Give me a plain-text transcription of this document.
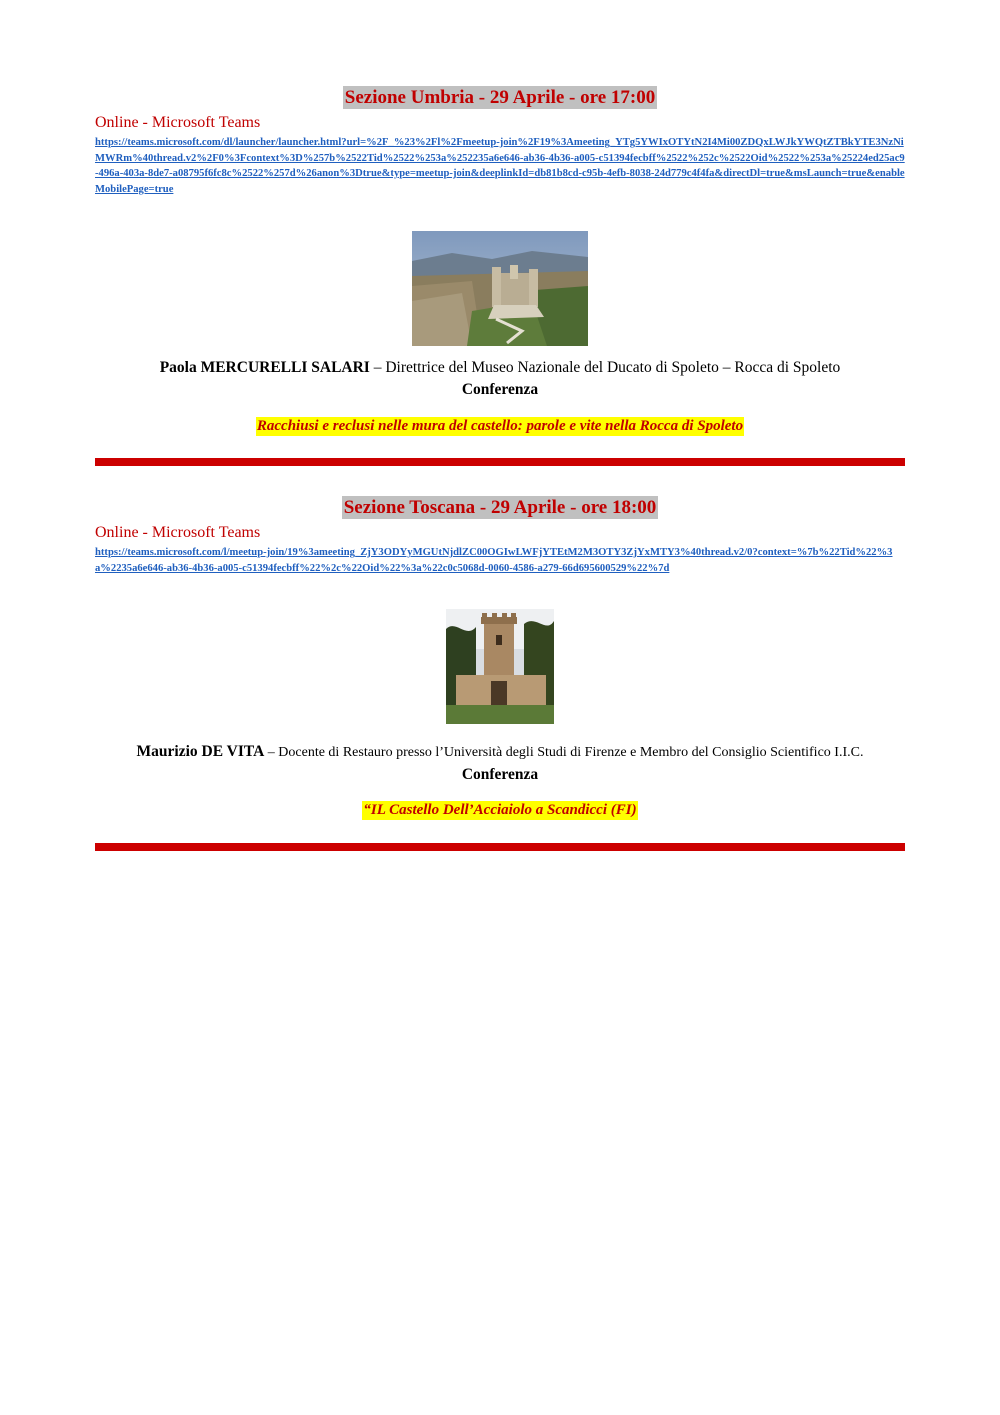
Sezione Umbria - 29 Aprile - ore 17:00
Online - Microsoft Teams
https://teams.microsoft.com/dl/launcher/launcher.html?url=%2F_%23%2Fl%2Fmeetup-join%2F19%3Ameeting_YTg5YWIxOTYtN2I4Mi00ZDQxLWJkYWQtZTBkYTE3NzNiMWRm%40thread.v2%2F0%3Fcontext%3D%257b%2522Tid%2522%253a%252235a6e646-ab36-4b36-a005-c51394fecbff%2522%252c%2522Oid%2522%253a%25224ed25ac9-496a-403a-8de7-a08795f6fc8c%2522%257d%26anon%3Dtrue&type=meetup-join&deeplinkId=db81b8cd-c95b-4efb-8038-24d779c4f4fa&directDl=true&msLaunch=true&enableMobilePage=true
Paola MERCURELLI SALARI – Direttrice del Museo Nazionale del Ducato di Spoleto – Rocca di Spoleto
Conferenza
Racchiusi e reclusi nelle mura del castello: parole e vite nella Rocca di Spoleto
Sezione Toscana - 29 Aprile - ore 18:00
Online - Microsoft Teams
https://teams.microsoft.com/l/meetup-join/19%3ameeting_ZjY3ODYyMGUtNjdlZC00OGIwLWFjYTEtM2M3OTY3ZjYxMTY3%40thread.v2/0?context=%7b%22Tid%22%3a%2235a6e646-ab36-4b36-a005-c51394fecbff%22%2c%22Oid%22%3a%22c0c5068d-0060-4586-a279-66d695600529%22%7d
Maurizio DE VITA – Docente di Restauro presso l’Università degli Studi di Firenze e Membro del Consiglio Scientifico I.I.C.
Conferenza
“IL Castello Dell’Acciaiolo a Scandicci (FI)
